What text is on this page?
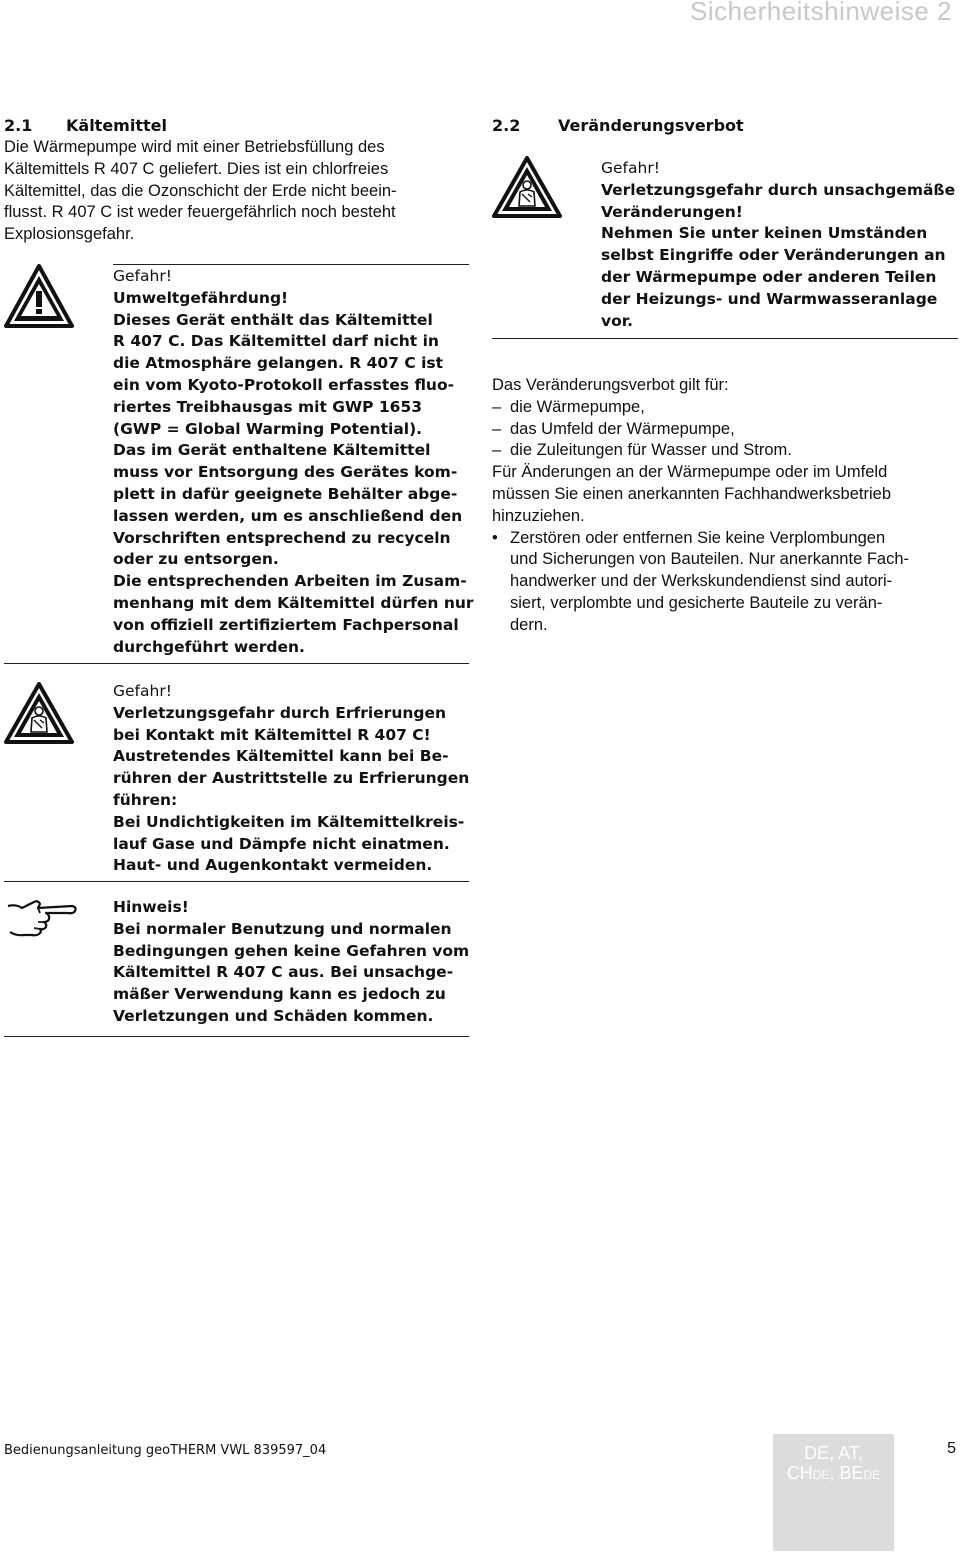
Sicherheitshinweise 2
2.1 Kältemittel
Die Wärmepumpe wird mit einer Betriebsfüllung des
Kältemittels R 407 C geliefert. Dies ist ein chlorfreies
Kältemittel, das die Ozonschicht der Erde nicht beein-
flusst. R 407 C ist weder feuergefährlich noch besteht
Explosionsgefahr.
Gefahr!
Umweltgefährdung!
Dieses Gerät enthält das Kältemittel
R 407 C. Das Kältemittel darf nicht in
die Atmosphäre gelangen. R 407 C ist
ein vom Kyoto-Protokoll erfasstes fluo-
riertes Treibhausgas mit GWP 1653
(GWP = Global Warming Potential).
Das im Gerät enthaltene Kältemittel
muss vor Entsorgung des Gerätes kom-
plett in dafür geeignete Behälter abge-
lassen werden, um es anschließend den
Vorschriften entsprechend zu recyceln
oder zu entsorgen.
Die entsprechenden Arbeiten im Zusam-
menhang mit dem Kältemittel dürfen nur
von offiziell zertifiziertem Fachpersonal
durchgeführt werden.
Gefahr!
Verletzungsgefahr durch Erfrierungen
bei Kontakt mit Kältemittel R 407 C!
Austretendes Kältemittel kann bei Be-
rühren der Austrittstelle zu Erfrierungen
führen:
Bei Undichtigkeiten im Kältemittelkreis-
lauf Gase und Dämpfe nicht einatmen.
Haut- und Augenkontakt vermeiden.
Hinweis!
Bei normaler Benutzung und normalen
Bedingungen gehen keine Gefahren vom
Kältemittel R 407 C aus. Bei unsachge-
mäßer Verwendung kann es jedoch zu
Verletzungen und Schäden kommen.
2.2 Veränderungsverbot
Gefahr!
Verletzungsgefahr durch unsachgemäße
Veränderungen!
Nehmen Sie unter keinen Umständen
selbst Eingriffe oder Veränderungen an
der Wärmepumpe oder anderen Teilen
der Heizungs- und Warmwasseranlage
vor.
Das Veränderungsverbot gilt für:
– die Wärmepumpe,
– das Umfeld der Wärmepumpe,
– die Zuleitungen für Wasser und Strom.
Für Änderungen an der Wärmepumpe oder im Umfeld
müssen Sie einen anerkannten Fachhandwerksbetrieb
hinzuziehen.
• Zerstören oder entfernen Sie keine Verplombungen
und Sicherungen von Bauteilen. Nur anerkannte Fach-
handwerker und der Werkskundendienst sind autori-
siert, verplombte und gesicherte Bauteile zu verän-
dern.
Bedienungsanleitung geoTHERM VWL 839597_04	DE, AT,
CHDE, BEDE
5
